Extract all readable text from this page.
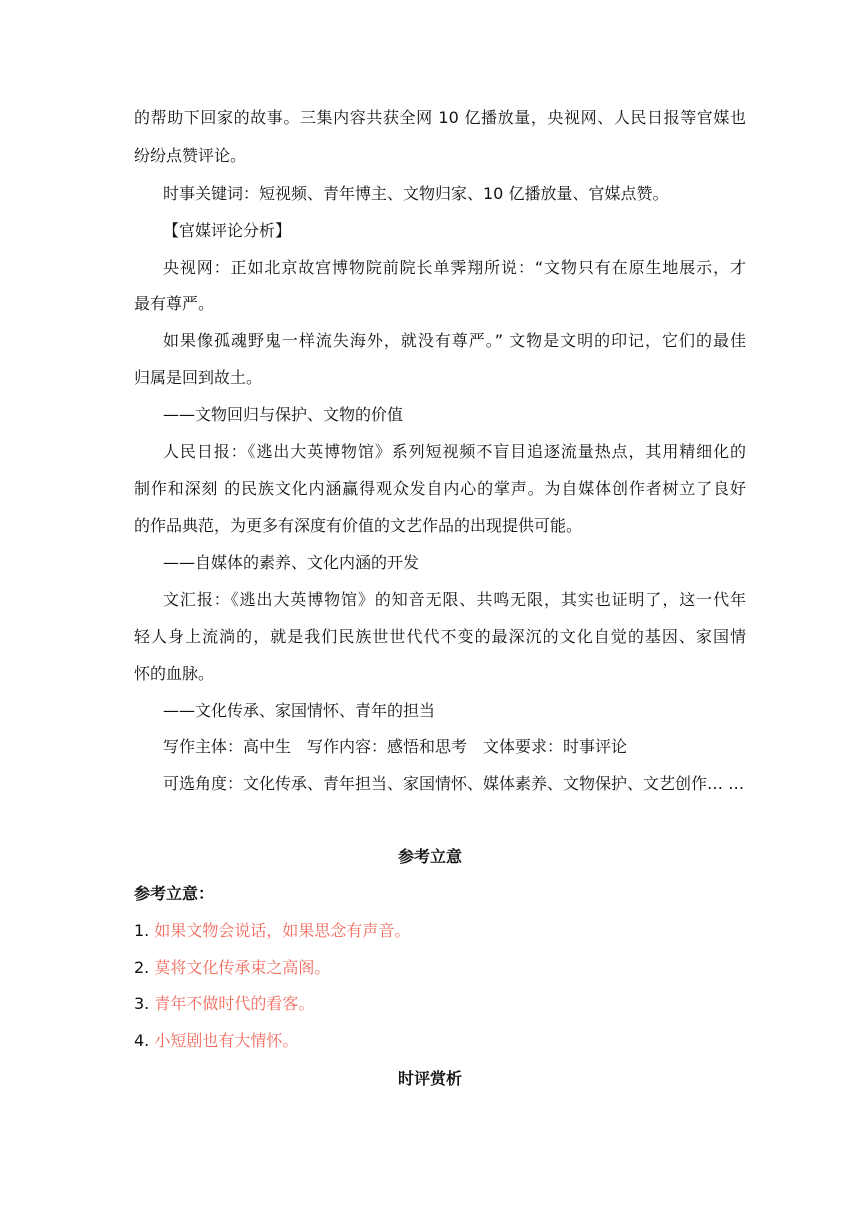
的帮助下回家的故事。三集内容共获全网 10 亿播放量，央视网、人民日报等官媒也
纷纷点赞评论。
时事关键词：短视频、青年博主、文物归家、10 亿播放量、官媒点赞。
【官媒评论分析】
央视网：正如北京故宫博物院前院长单霁翔所说：“文物只有在原生地展示，才
最有尊严。
如果像孤魂野鬼一样流失海外，就没有尊严。” 文物是文明的印记，它们的最佳
归属是回到故土。
——文物回归与保护、文物的价值
人民日报：《逃出大英博物馆》系列短视频不盲目追逐流量热点，其用精细化的
制作和深刻 的民族文化内涵赢得观众发自内心的掌声。为自媒体创作者树立了良好
的作品典范，为更多有深度有价值的文艺作品的出现提供可能。
——自媒体的素养、文化内涵的开发
文汇报：《逃出大英博物馆》的知音无限、共鸣无限，其实也证明了，这一代年
轻人身上流淌的，就是我们民族世世代代不变的最深沉的文化自觉的基因、家国情
怀的血脉。
——文化传承、家国情怀、青年的担当
写作主体：高中生　写作内容：感悟和思考　文体要求：时事评论
可选角度：文化传承、青年担当、家国情怀、媒体素养、文物保护、文艺创作… …
参考立意
参考立意：
1. 如果文物会说话，如果思念有声音。
2. 莫将文化传承束之高阁。
3. 青年不做时代的看客。
4. 小短剧也有大情怀。
时评赏析
